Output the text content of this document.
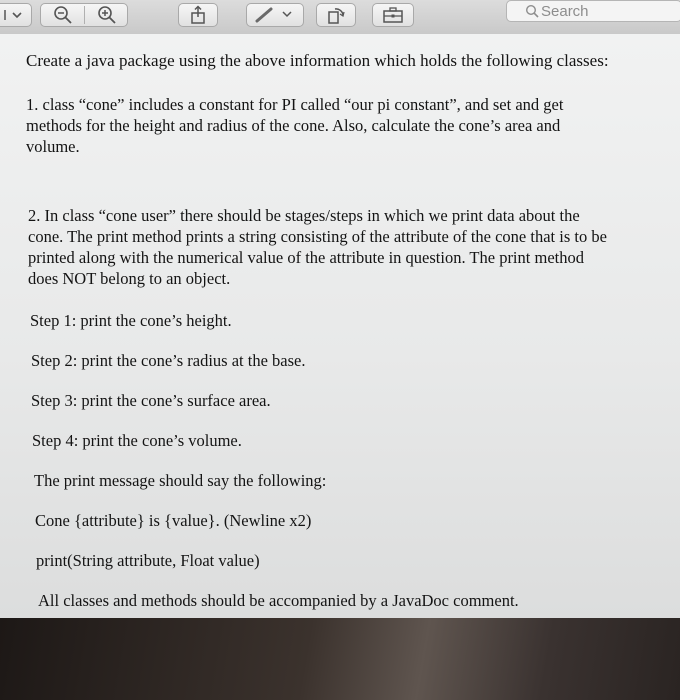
Search
Create a java package using the above information which holds the following classes:
1. class “cone” includes a constant for PI called “our pi constant”, and set and get
methods for the height and radius of the cone. Also, calculate the cone’s area and
volume.
2. In class “cone user” there should be stages/steps in which we print data about the
cone. The print method prints a string consisting of the attribute of the cone that is to be
printed along with the numerical value of the attribute in question. The print method
does NOT belong to an object.
Step 1: print the cone’s height.
Step 2: print the cone’s radius at the base.
Step 3: print the cone’s surface area.
Step 4: print the cone’s volume.
The print message should say the following:
Cone {attribute} is {value}. (Newline x2)
print(String attribute, Float value)
All classes and methods should be accompanied by a JavaDoc comment.
